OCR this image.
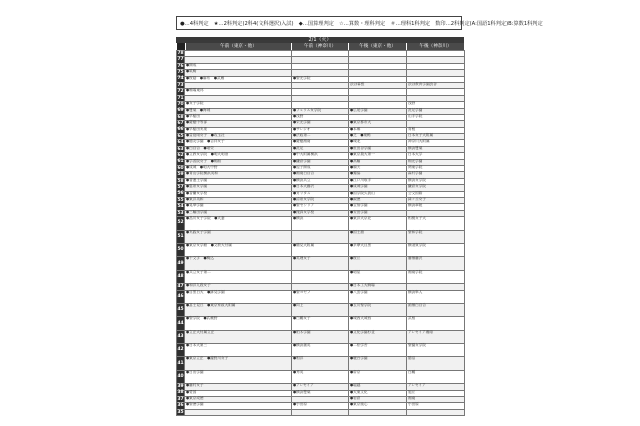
●…4科判定　 ★…2科判定(2科4(文科選択)入試)　 ◆…国算理判定　 ☆…算数・理科判定　 ＃…理科1科判定　 数印…2科判定(A:国語1科判定)B:算数1科判定
2/1（火）
午前（東京・他）	午前（神奈川）	午後（東京・他）	午後（神奈川）
78				
77				
76	●開成			
75	●筑駒			
74	●桜蔭　●麻布　●武蔵	●聖光学院		
73			渋谷幕張	渋谷教育学園渋谷
72	●駒場東邦			
71				
70	●女子学院			浅野
69	●雙葉　●海城	●フェリス女学院	●広尾学園	洗足学園
68	●早稲田	●浅野		山手学院
67	●慶應中等部	●栄光学園	●東京都市大	
66	●早稲田実業	●サレジオ	●本郷	青稜
65	●豊島岡女子　●攻玉社	●法政第二	●芝　●巣鴨	日本女子大附属
64	●鴎友学園　●吉祥女子	●慶應湘南	●城北	神奈川大附属
63	●白百合　●頌栄	●洗足	●世田谷学園	横浜雙葉
62	●立教女学院　●明大明治	●中大附属横浜	●東京農大第一	日本大学
61	●学習院女子　●桐朋	●鎌倉学園	●高輪	桐光学園
60	●成城　●明大中野	●逗子開成	●順天	関東学院
59	●青山学院横浜英和	●湘南白百合	●獨協	森村学園
58	●普連土学園	●横浜共立	●江戸川取手	横浜女学院
57	●恵泉女学園	●日本大藤沢	●成城学園	鎌倉女学院
56	●香蘭女学校	●カリタス	●国学院久我山	公文国際
55	●東洋英和	●清泉女学院	●淑徳	緑ヶ丘女子
54	●晃華学園	●聖セシリア	●宝仙学園	横浜翠陵
53	●三輪田学園	●捜真女学校	●安田学園	
52	●品川女子学院　●大妻	●横浜	●東洋大京北	相模女子大
51	●実践女子学園		●国士舘	聖和学院
50	●東京女学館　●文教大付属	●鶴見大附属	●多摩大目黒	横須賀学院
49	●十文字　●駒込	●英理女子	●桜丘	藤嶺藤沢
48	●共立女子第二		●明星	湘南学院
47	●和洋九段女子		●日本工大駒場	
46	●目黒日大　●跡見学園	●聖ヨゼフ	●八雲学園	横浜隼人
45	●富士見丘　●東京家政大附属	●向上	●玉川聖学院	函嶺白百合
44	●聖学院　●武蔵野	●白鵬女子	●城西大城西	武相
43	●立正大付属立正	●柏木学園	●文化学園杉並	アレセイア湘南
42	●日本大第三	●横浜創英	●二松学舎	聖園女学院
41	●東京立正　●瀧野川女子	●相洋	●駿台学園	鵠沼
40	●日出学園	●秀英	●帝京	白鵬
39	●藤村女子	●アレセイア	●堀越	アレセイア
38	●愛国	●横浜雙葉	●大東文化	旭丘
37	●東京成徳		●岩倉	湘南
36	●聖徳学園	●小田原	●東京純心	小田原
35				
